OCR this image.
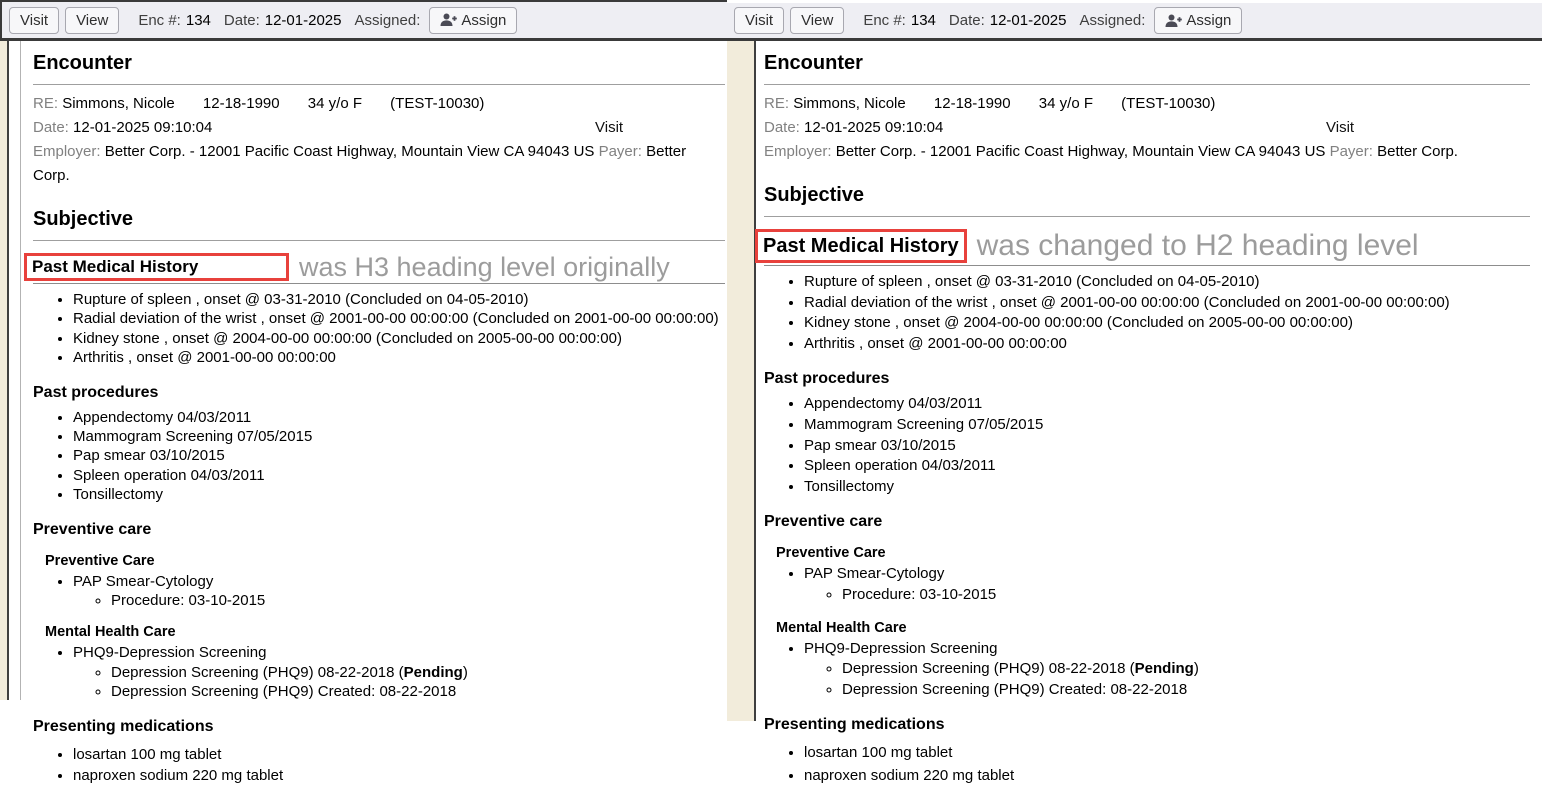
Visit	View	Enc #: 134 Date: 12-01-2025 Assigned:	Assign
Encounter
RE: Simmons, Nicole 12-18-1990 34 y/o F (TEST-10030)
Date: 12-01-2025 09:10:04	Visit
Employer: Better Corp. - 12001 Pacific Coast Highway, Mountain View CA 94043 US Payer: Better Corp.
Subjective
Past Medical History	was H3 heading level originally
• Rupture of spleen , onset @ 03-31-2010 (Concluded on 04-05-2010)
• Radial deviation of the wrist , onset @ 2001-00-00 00:00:00 (Concluded on 2001-00-00 00:00:00)
• Kidney stone , onset @ 2004-00-00 00:00:00 (Concluded on 2005-00-00 00:00:00)
• Arthritis , onset @ 2001-00-00 00:00:00
Past procedures
• Appendectomy 04/03/2011
• Mammogram Screening 07/05/2015
• Pap smear 03/10/2015
• Spleen operation 04/03/2011
• Tonsillectomy
Preventive care
Preventive Care
• PAP Smear-Cytology
◦ Procedure: 03-10-2015
Mental Health Care
• PHQ9-Depression Screening
◦ Depression Screening (PHQ9) 08-22-2018 (Pending)
◦ Depression Screening (PHQ9) Created: 08-22-2018
Presenting medications
• losartan 100 mg tablet
• naproxen sodium 220 mg tablet
Visit	View	Enc #: 134 Date: 12-01-2025 Assigned:	Assign
Encounter
RE: Simmons, Nicole 12-18-1990 34 y/o F (TEST-10030)
Date: 12-01-2025 09:10:04	Visit
Employer: Better Corp. - 12001 Pacific Coast Highway, Mountain View CA 94043 US Payer: Better Corp.
Subjective
Past Medical History was changed to H2 heading level
• Rupture of spleen , onset @ 03-31-2010 (Concluded on 04-05-2010)
• Radial deviation of the wrist , onset @ 2001-00-00 00:00:00 (Concluded on 2001-00-00 00:00:00)
• Kidney stone , onset @ 2004-00-00 00:00:00 (Concluded on 2005-00-00 00:00:00)
• Arthritis , onset @ 2001-00-00 00:00:00
Past procedures
• Appendectomy 04/03/2011
• Mammogram Screening 07/05/2015
• Pap smear 03/10/2015
• Spleen operation 04/03/2011
• Tonsillectomy
Preventive care
Preventive Care
• PAP Smear-Cytology
◦ Procedure: 03-10-2015
Mental Health Care
• PHQ9-Depression Screening
◦ Depression Screening (PHQ9) 08-22-2018 (Pending)
◦ Depression Screening (PHQ9) Created: 08-22-2018
Presenting medications
• losartan 100 mg tablet
• naproxen sodium 220 mg tablet
